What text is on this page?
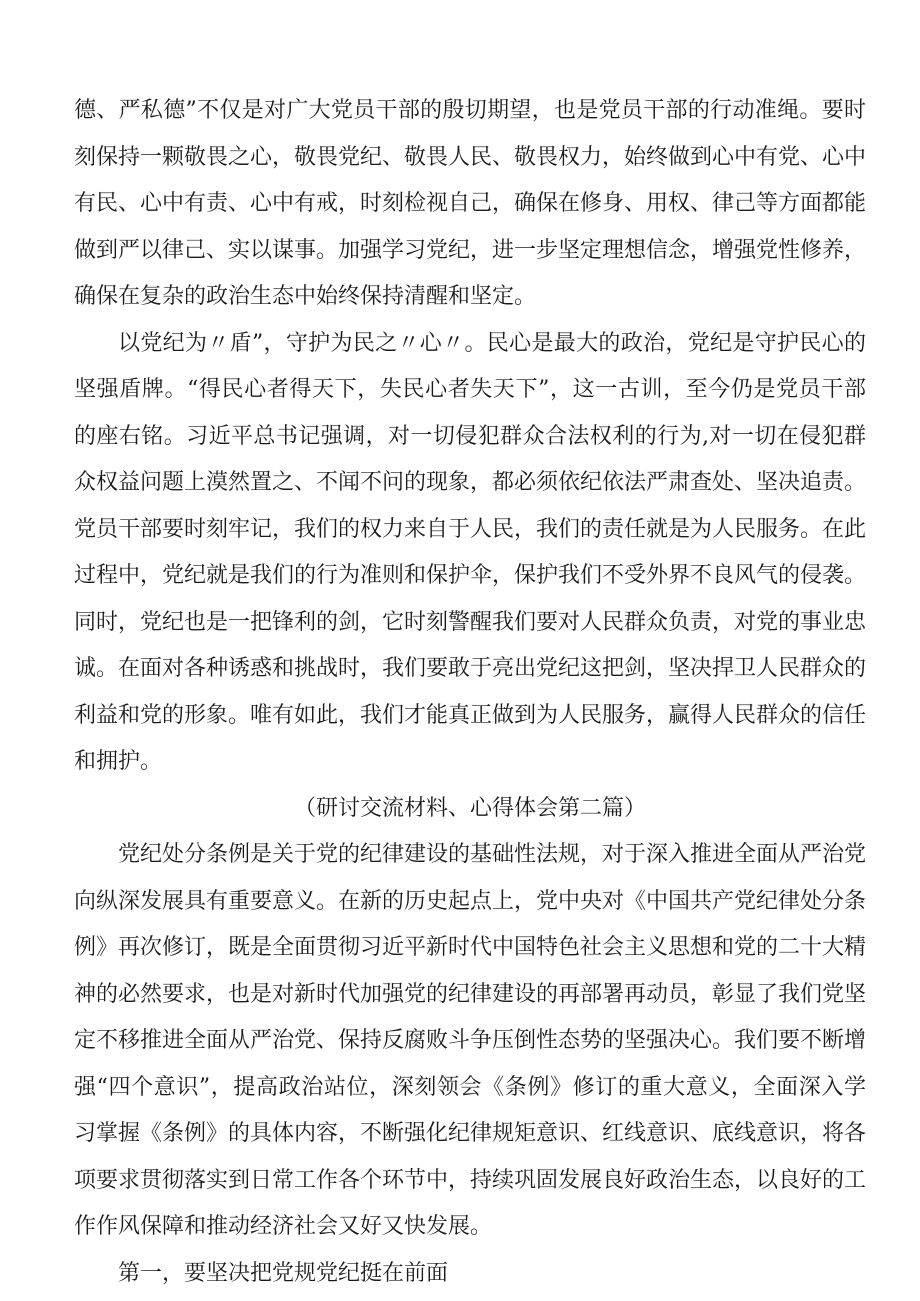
德、严私德”不仅是对广大党员干部的殷切期望，也是党员干部的行动准绳。要时刻保持一颗敬畏之心，敬畏党纪、敬畏人民、敬畏权力，始终做到心中有党、心中有民、心中有责、心中有戒，时刻检视自己，确保在修身、用权、律己等方面都能做到严以律己、实以谋事。加强学习党纪，进一步坚定理想信念，增强党性修养，确保在复杂的政治生态中始终保持清醒和坚定。

以党纪为〃盾”，守护为民之〃心〃。民心是最大的政治，党纪是守护民心的坚强盾牌。“得民心者得天下，失民心者失天下”，这一古训，至今仍是党员干部的座右铭。习近平总书记强调，对一切侵犯群众合法权利的行为,对一切在侵犯群众权益问题上漠然置之、不闻不问的现象，都必须依纪依法严肃查处、坚决追责。党员干部要时刻牢记，我们的权力来自于人民，我们的责任就是为人民服务。在此过程中，党纪就是我们的行为准则和保护伞，保护我们不受外界不良风气的侵袭。同时，党纪也是一把锋利的剑，它时刻警醒我们要对人民群众负责，对党的事业忠诚。在面对各种诱惑和挑战时，我们要敢于亮出党纪这把剑，坚决捍卫人民群众的利益和党的形象。唯有如此，我们才能真正做到为人民服务，赢得人民群众的信任和拥护。

（研讨交流材料、心得体会第二篇）

党纪处分条例是关于党的纪律建设的基础性法规，对于深入推进全面从严治党向纵深发展具有重要意义。在新的历史起点上，党中央对《中国共产党纪律处分条例》再次修订，既是全面贯彻习近平新时代中国特色社会主义思想和党的二十大精神的必然要求，也是对新时代加强党的纪律建设的再部署再动员，彰显了我们党坚定不移推进全面从严治党、保持反腐败斗争压倒性态势的坚强决心。我们要不断增强“四个意识”，提高政治站位，深刻领会《条例》修订的重大意义，全面深入学习掌握《条例》的具体内容，不断强化纪律规矩意识、红线意识、底线意识，将各项要求贯彻落实到日常工作各个环节中，持续巩固发展良好政治生态，以良好的工作作风保障和推动经济社会又好又快发展。

第一，要坚决把党规党纪挺在前面
